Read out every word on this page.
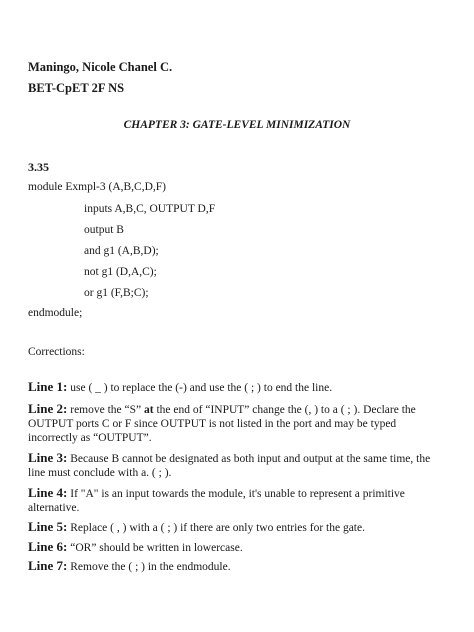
Maningo, Nicole Chanel C.
BET-CpET 2F NS
CHAPTER 3: GATE-LEVEL MINIMIZATION
3.35
module Exmpl-3 (A,B,C,D,F)
inputs A,B,C, OUTPUT D,F
output B
and g1 (A,B,D);
not g1 (D,A,C);
or g1 (F,B;C);
endmodule;
Corrections:
Line 1: use ( _ ) to replace the (-) and use the ( ; ) to end the line.
Line 2: remove the “S” at the end of “INPUT” change the (, ) to a ( ; ). Declare the OUTPUT ports C or F since OUTPUT is not listed in the port and may be typed incorrectly as “OUTPUT”.
Line 3: Because B cannot be designated as both input and output at the same time, the line must conclude with a. ( ; ).
Line 4: If "A" is an input towards the module, it's unable to represent a primitive alternative.
Line 5: Replace ( , ) with a ( ; ) if there are only two entries for the gate.
Line 6: “OR” should be written in lowercase.
Line 7: Remove the ( ; ) in the endmodule.
